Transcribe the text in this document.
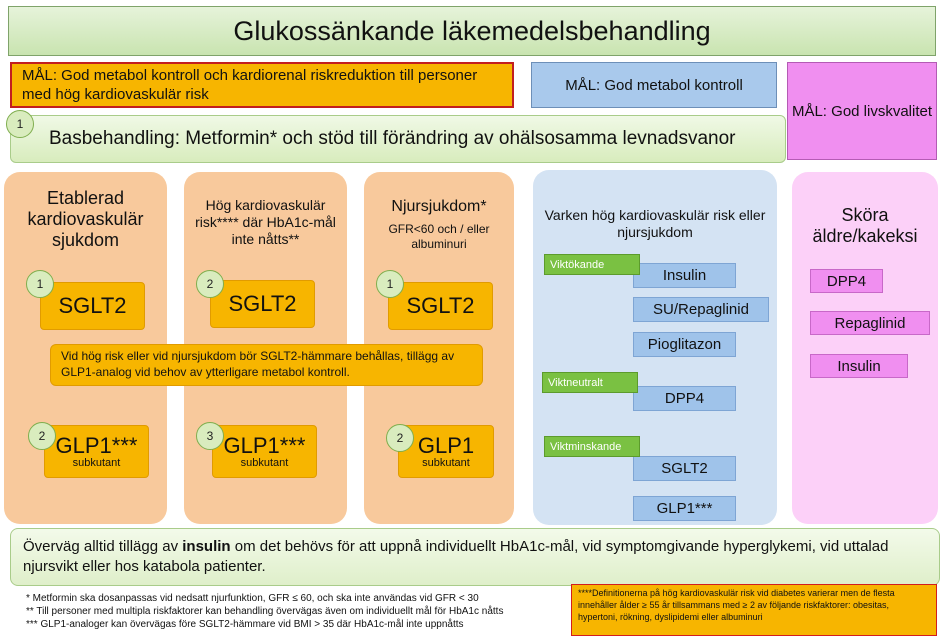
Glukossänkande läkemedelsbehandling
MÅL: God metabol kontroll och kardiorenal riskreduktion till personer med hög kardiovaskulär risk
MÅL: God metabol kontroll
MÅL: God livskvalitet
Basbehandling: Metformin* och stöd till förändring av ohälsosamma levnadsvanor
1
Etablerad kardiovaskulär sjukdom
Hög kardiovaskulär risk**** där HbA1c-mål inte nåtts**
Njursjukdom*
GFR<60 och / eller albuminuri
SGLT2
1
SGLT2
2
SGLT2
1
Vid hög risk eller vid njursjukdom bör SGLT2-hämmare behållas, tillägg av GLP1-analog vid behov av ytterligare metabol kontroll.
GLP1***
subkutant
2	GLP1***
subkutant
3	GLP1
subkutant
2
Varken hög kardiovaskulär risk eller njursjukdom
Insulin
Viktökande
SU/Repaglinid
Pioglitazon
DPP4
Viktneutralt
SGLT2
Viktminskande
GLP1***
Sköra äldre/kakeksi
DPP4
Repaglinid
Insulin
Överväg alltid tillägg av insulin om det behövs för att uppnå individuellt HbA1c-mål, vid symptomgivande hyperglykemi, vid uttalad njursvikt eller hos katabola patienter.
* Metformin ska dosanpassas vid nedsatt njurfunktion, GFR ≤ 60, och ska inte användas vid GFR < 30
** Till personer med multipla riskfaktorer kan behandling övervägas även om individuellt mål för HbA1c nåtts
*** GLP1-analoger kan övervägas före SGLT2-hämmare vid BMI > 35 där HbA1c-mål inte uppnåtts
****Definitionerna på hög kardiovaskulär risk vid diabetes varierar men de flesta innehåller ålder ≥ 55 år tillsammans med ≥ 2 av följande riskfaktorer: obesitas, hypertoni, rökning, dyslipidemi eller albuminuri
